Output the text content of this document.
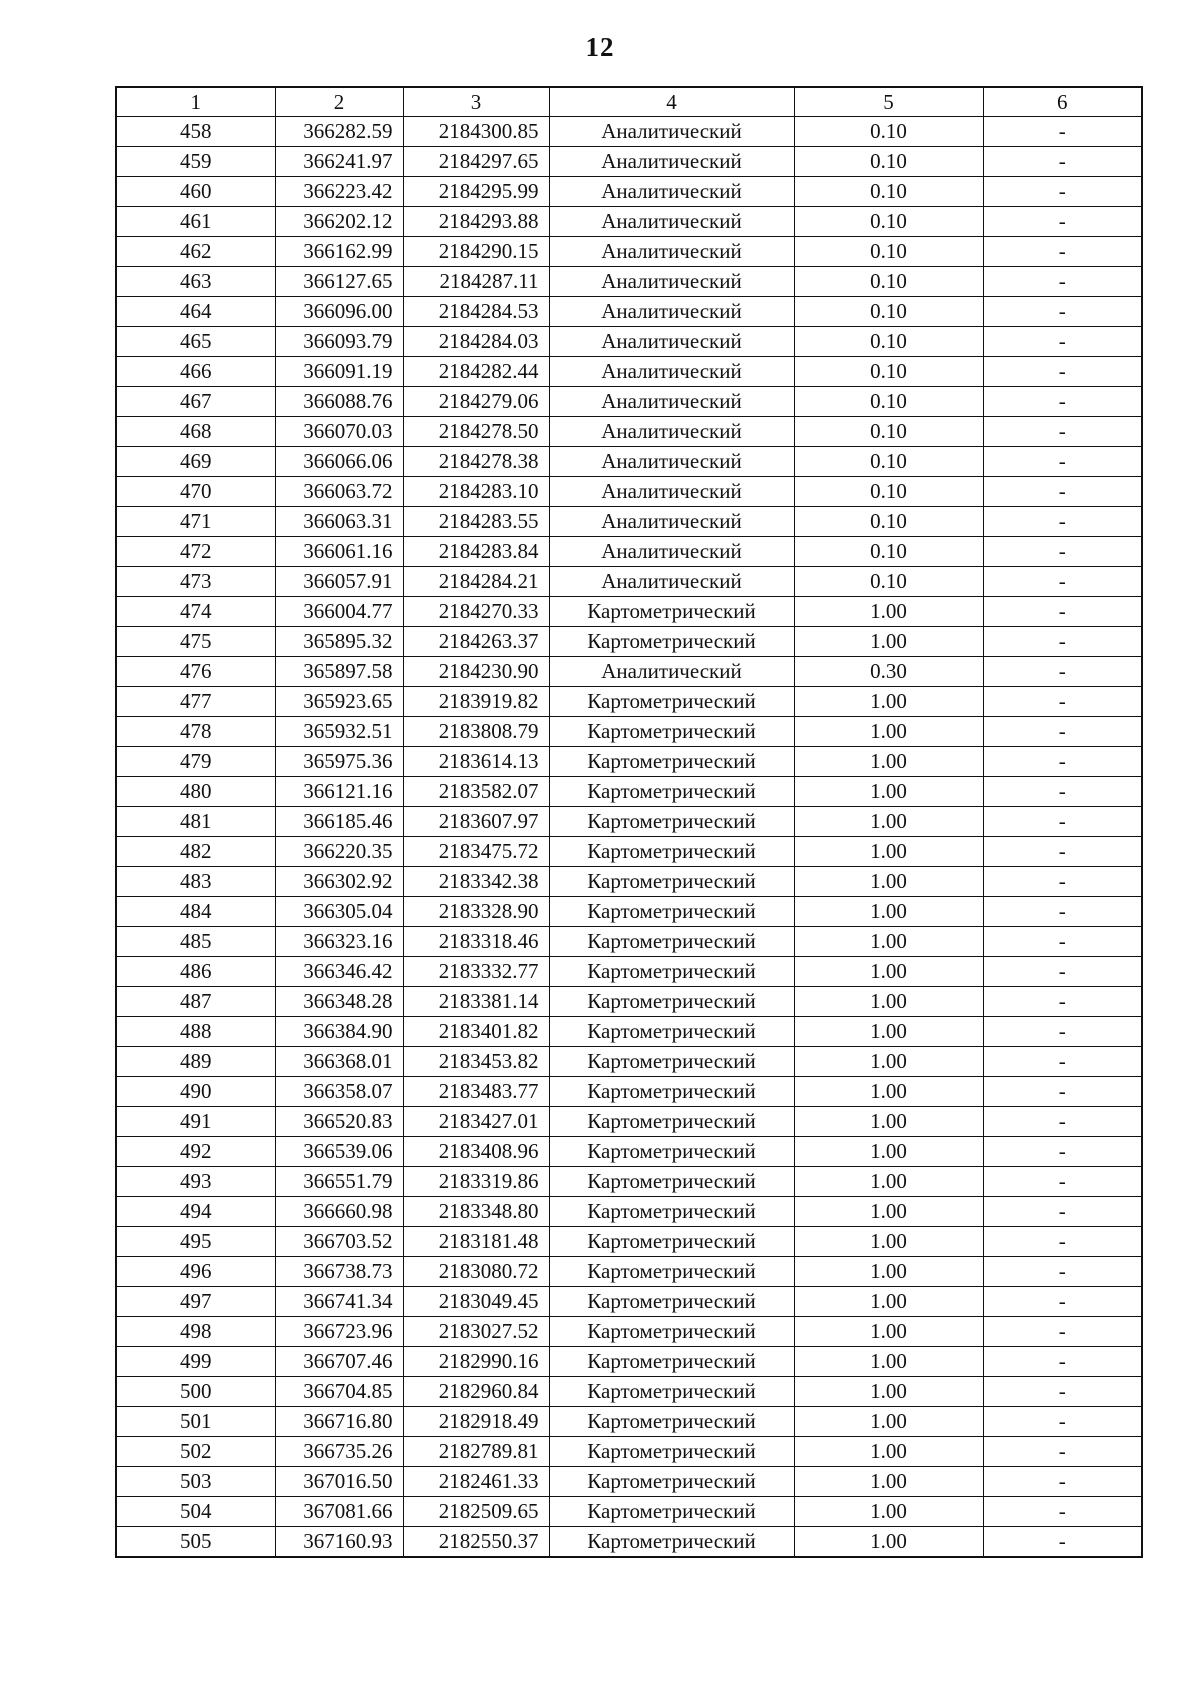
12
1	2	3	4	5	6
458	366282.59	2184300.85	Аналитический	0.10	-
459	366241.97	2184297.65	Аналитический	0.10	-
460	366223.42	2184295.99	Аналитический	0.10	-
461	366202.12	2184293.88	Аналитический	0.10	-
462	366162.99	2184290.15	Аналитический	0.10	-
463	366127.65	2184287.11	Аналитический	0.10	-
464	366096.00	2184284.53	Аналитический	0.10	-
465	366093.79	2184284.03	Аналитический	0.10	-
466	366091.19	2184282.44	Аналитический	0.10	-
467	366088.76	2184279.06	Аналитический	0.10	-
468	366070.03	2184278.50	Аналитический	0.10	-
469	366066.06	2184278.38	Аналитический	0.10	-
470	366063.72	2184283.10	Аналитический	0.10	-
471	366063.31	2184283.55	Аналитический	0.10	-
472	366061.16	2184283.84	Аналитический	0.10	-
473	366057.91	2184284.21	Аналитический	0.10	-
474	366004.77	2184270.33	Картометрический	1.00	-
475	365895.32	2184263.37	Картометрический	1.00	-
476	365897.58	2184230.90	Аналитический	0.30	-
477	365923.65	2183919.82	Картометрический	1.00	-
478	365932.51	2183808.79	Картометрический	1.00	-
479	365975.36	2183614.13	Картометрический	1.00	-
480	366121.16	2183582.07	Картометрический	1.00	-
481	366185.46	2183607.97	Картометрический	1.00	-
482	366220.35	2183475.72	Картометрический	1.00	-
483	366302.92	2183342.38	Картометрический	1.00	-
484	366305.04	2183328.90	Картометрический	1.00	-
485	366323.16	2183318.46	Картометрический	1.00	-
486	366346.42	2183332.77	Картометрический	1.00	-
487	366348.28	2183381.14	Картометрический	1.00	-
488	366384.90	2183401.82	Картометрический	1.00	-
489	366368.01	2183453.82	Картометрический	1.00	-
490	366358.07	2183483.77	Картометрический	1.00	-
491	366520.83	2183427.01	Картометрический	1.00	-
492	366539.06	2183408.96	Картометрический	1.00	-
493	366551.79	2183319.86	Картометрический	1.00	-
494	366660.98	2183348.80	Картометрический	1.00	-
495	366703.52	2183181.48	Картометрический	1.00	-
496	366738.73	2183080.72	Картометрический	1.00	-
497	366741.34	2183049.45	Картометрический	1.00	-
498	366723.96	2183027.52	Картометрический	1.00	-
499	366707.46	2182990.16	Картометрический	1.00	-
500	366704.85	2182960.84	Картометрический	1.00	-
501	366716.80	2182918.49	Картометрический	1.00	-
502	366735.26	2182789.81	Картометрический	1.00	-
503	367016.50	2182461.33	Картометрический	1.00	-
504	367081.66	2182509.65	Картометрический	1.00	-
505	367160.93	2182550.37	Картометрический	1.00	-
